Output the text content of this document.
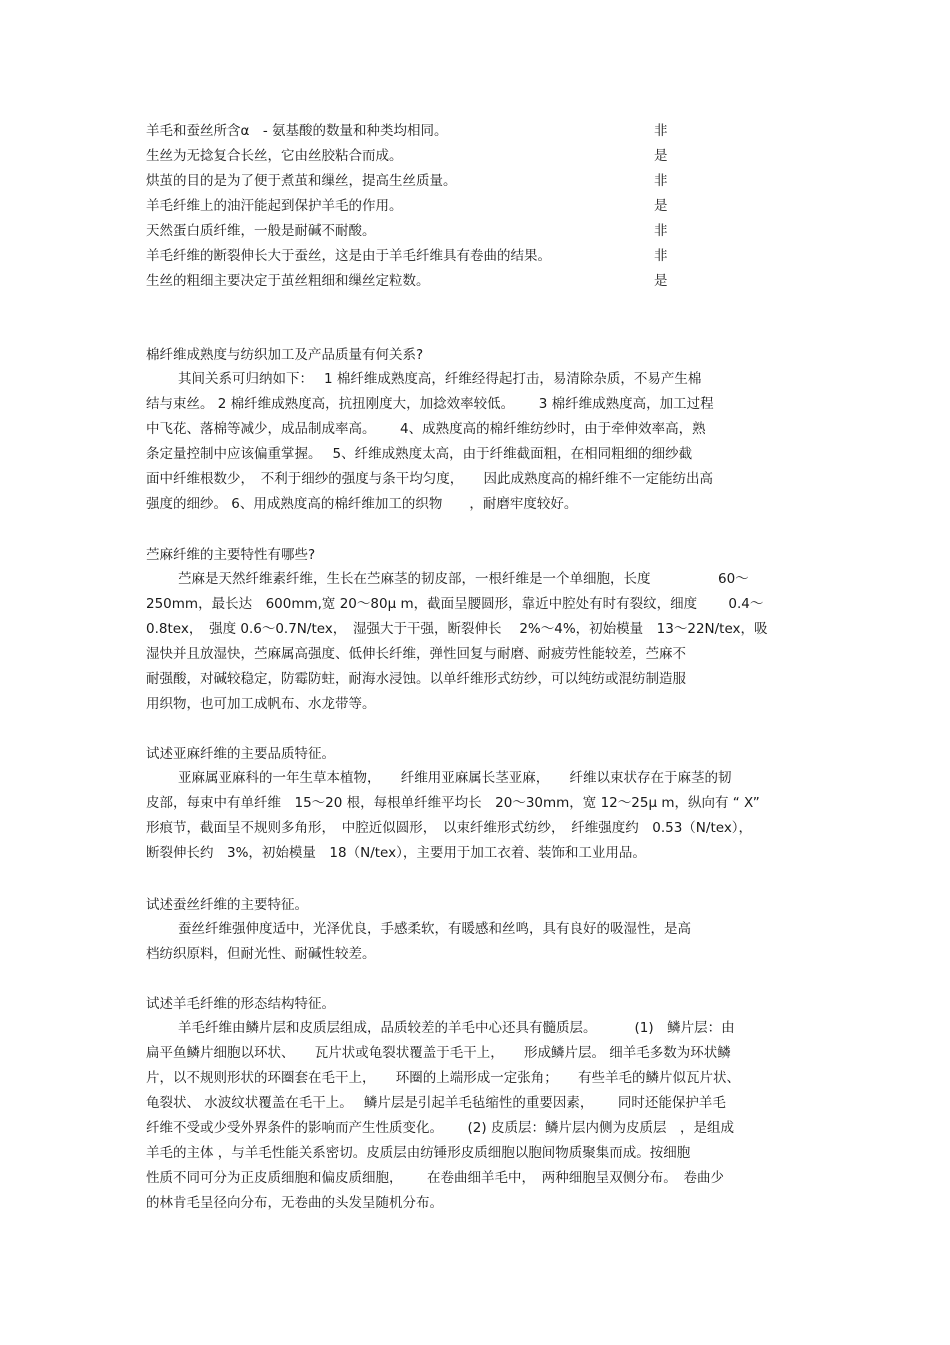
羊毛和蚕丝所含α　- 氨基酸的数量和种类均相同。	非
生丝为无捻复合长丝，它由丝胶粘合而成。	是
烘茧的目的是为了便于煮茧和缫丝，提高生丝质量。	非
羊毛纤维上的油汗能起到保护羊毛的作用。	是
天然蛋白质纤维，一般是耐碱不耐酸。	非
羊毛纤维的断裂伸长大于蚕丝，这是由于羊毛纤维具有卷曲的结果。	非
生丝的粗细主要决定于茧丝粗细和缫丝定粒数。	是
棉纤维成熟度与纺织加工及产品质量有何关系?
其间关系可归纳如下：　 1 棉纤维成熟度高，纤维经得起打击，易清除杂质，不易产生棉
结与束丝。 2 棉纤维成熟度高，抗扭刚度大，加捻效率较低。　　 3 棉纤维成熟度高，加工过程
中飞花、落棉等减少，成品制成率高。　　 4、成熟度高的棉纤维纺纱时，由于牵伸效率高，熟
条定量控制中应该偏重掌握。　 5、纤维成熟度太高，由于纤维截面粗，在相同粗细的细纱截
面中纤维根数少，　不利于细纱的强度与条干均匀度，　　因此成熟度高的棉纤维不一定能纺出高
强度的细纱。 6、用成熟度高的棉纤维加工的织物　　，耐磨牢度较好。
苎麻纤维的主要特性有哪些?
苎麻是天然纤维素纤维，生长在苎麻茎的韧皮部，一根纤维是一个单细胞，长度　　　　　60～
250mm，最长达　600mm,宽 20～80μ m，截面呈腰圆形，靠近中腔处有时有裂纹，细度　　 0.4～
0.8tex，　强度 0.6～0.7N/tex，　湿强大于干强，断裂伸长　 2%～4%，初始模量　13～22N/tex，吸
湿快并且放湿快，苎麻属高强度、低伸长纤维，弹性回复与耐磨、耐疲劳性能较差，苎麻不
耐强酸，对碱较稳定，防霉防蛀，耐海水浸蚀。以单纤维形式纺纱，可以纯纺或混纺制造服
用织物，也可加工成帆布、水龙带等。
试述亚麻纤维的主要品质特征。
亚麻属亚麻科的一年生草本植物，　　纤维用亚麻属长茎亚麻，　　纤维以束状存在于麻茎的韧
皮部，每束中有单纤维　15～20 根，每根单纤维平均长　20～30mm，宽 12～25μ m，纵向有 “ X”
形痕节，截面呈不规则多角形，　中腔近似圆形，　以束纤维形式纺纱，　纤维强度约　0.53（N/tex），
断裂伸长约　3%，初始模量　18（N/tex），主要用于加工衣着、装饰和工业用品。
试述蚕丝纤维的主要特征。
蚕丝纤维强伸度适中，光泽优良，手感柔软，有暖感和丝鸣，具有良好的吸湿性，是高
档纺织原料，但耐光性、耐碱性较差。
试述羊毛纤维的形态结构特征。
羊毛纤维由鳞片层和皮质层组成，品质较差的羊毛中心还具有髓质层。　　　 (1)　鳞片层：由
扁平鱼鳞片细胞以环状、　　瓦片状或龟裂状覆盖于毛干上，　　形成鳞片层。 细羊毛多数为环状鳞
片，以不规则形状的环圈套在毛干上，　　环圈的上端形成一定张角；　　有些羊毛的鳞片似瓦片状、
龟裂状、 水波纹状覆盖在毛干上。　 鳞片层是引起羊毛毡缩性的重要因素，　　 同时还能保护羊毛
纤维不受或少受外界条件的影响而产生性质变化。　　 (2) 皮质层：鳞片层内侧为皮质层　，是组成
羊毛的主体 ，与羊毛性能关系密切。皮质层由纺锤形皮质细胞以胞间物质聚集而成。按细胞
性质不同可分为正皮质细胞和偏皮质细胞，　　 在卷曲细羊毛中，　两种细胞呈双侧分布。　卷曲少
的林肯毛呈径向分布，无卷曲的头发呈随机分布。
